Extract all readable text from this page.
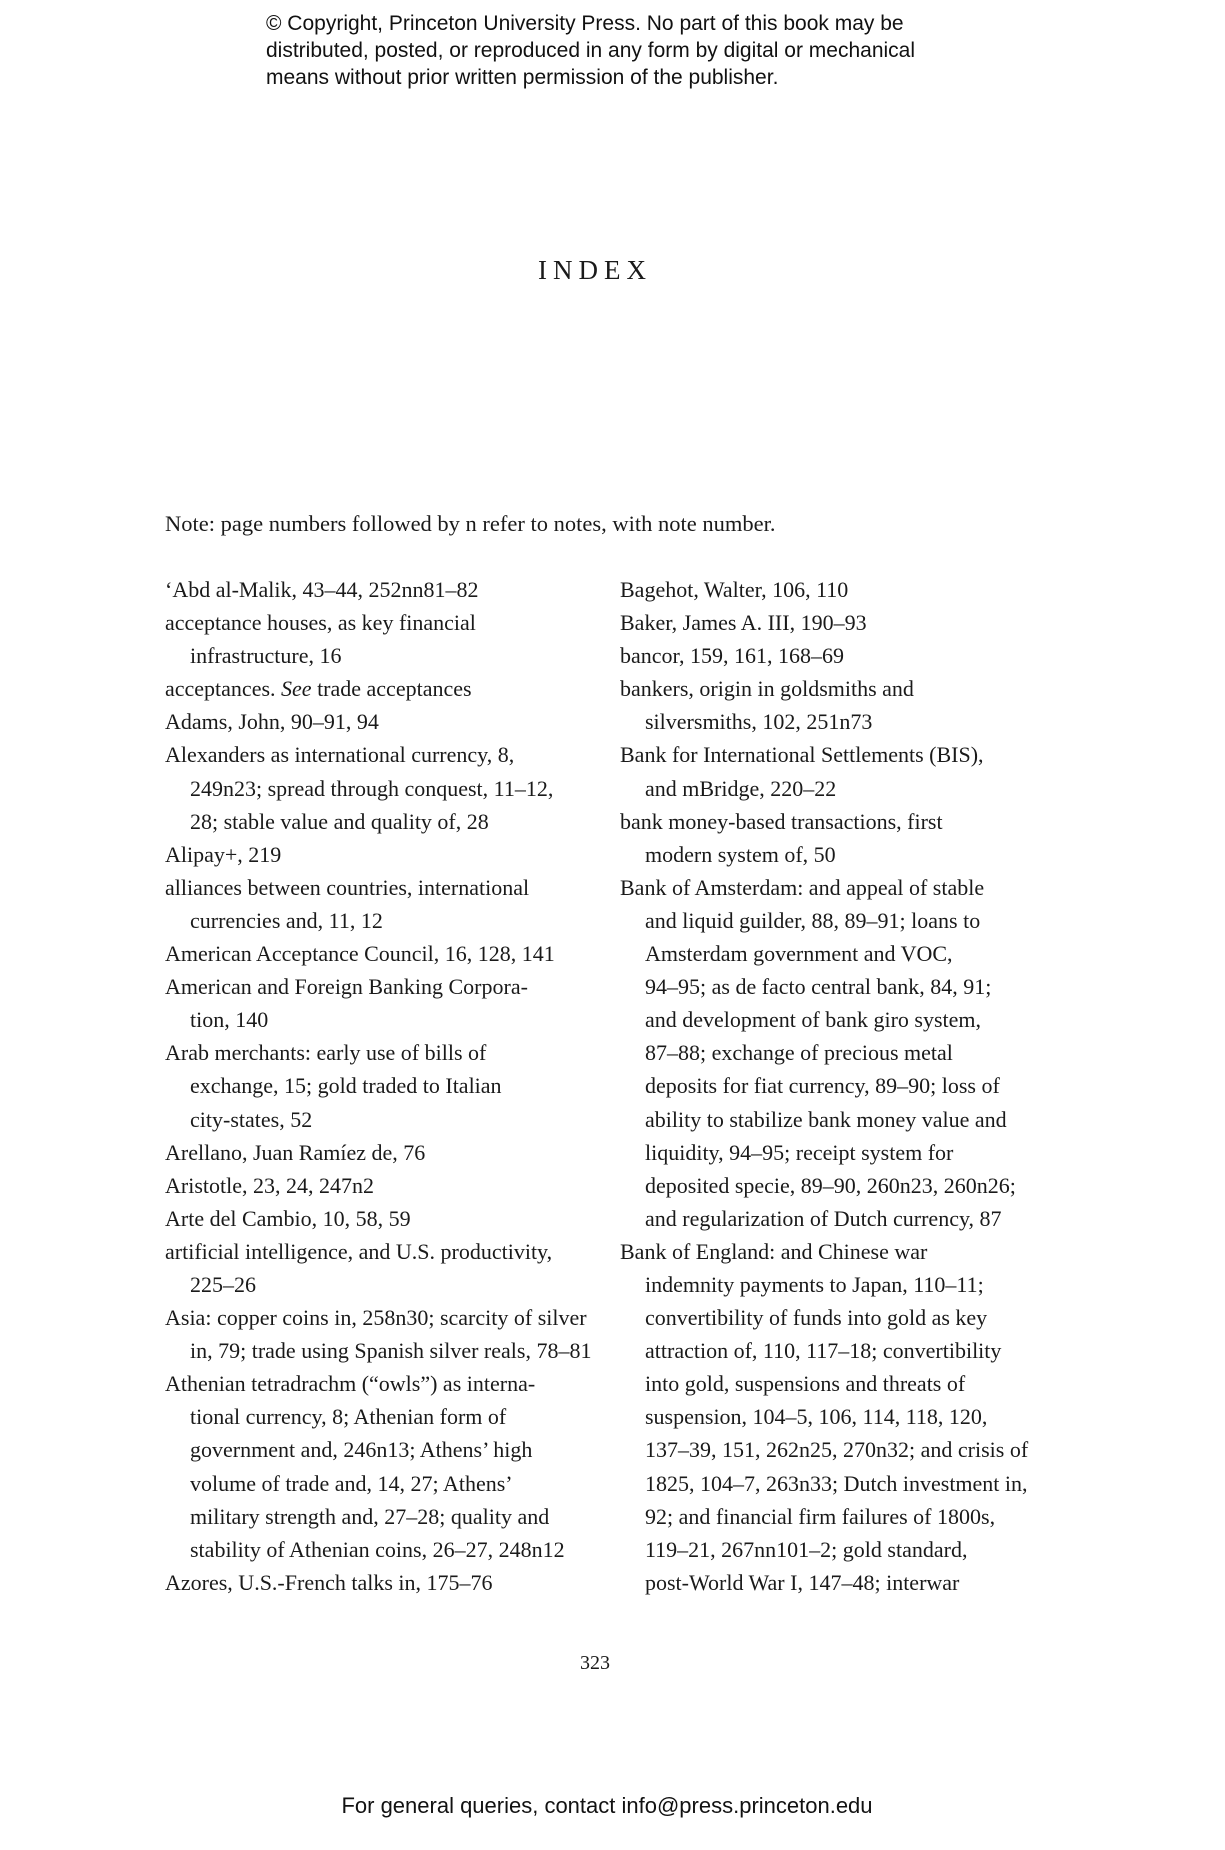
© Copyright, Princeton University Press. No part of this book may be
distributed, posted, or reproduced in any form by digital or mechanical
means without prior written permission of the publisher.
INDEX
Note: page numbers followed by n refer to notes, with note number.
‘Abd al-Malik, 43–44, 252nn81–82
acceptance houses, as key financial
infrastructure, 16
acceptances. See trade acceptances
Adams, John, 90–91, 94
Alexanders as international currency, 8,
249n23; spread through conquest, 11–12,
28; stable value and quality of, 28
Alipay+, 219
alliances between countries, international
currencies and, 11, 12
American Acceptance Council, 16, 128, 141
American and Foreign Banking Corpora-
tion, 140
Arab merchants: early use of bills of
exchange, 15; gold traded to Italian
city-states, 52
Arellano, Juan Ramíez de, 76
Aristotle, 23, 24, 247n2
Arte del Cambio, 10, 58, 59
artificial intelligence, and U.S. productivity,
225–26
Asia: copper coins in, 258n30; scarcity of silver
in, 79; trade using Spanish silver reals, 78–81
Athenian tetradrachm (“owls”) as interna-
tional currency, 8; Athenian form of
government and, 246n13; Athens’ high
volume of trade and, 14, 27; Athens’
military strength and, 27–28; quality and
stability of Athenian coins, 26–27, 248n12
Azores, U.S.-French talks in, 175–76
Bagehot, Walter, 106, 110
Baker, James A. III, 190–93
bancor, 159, 161, 168–69
bankers, origin in goldsmiths and
silversmiths, 102, 251n73
Bank for International Settlements (BIS),
and mBridge, 220–22
bank money-based transactions, first
modern system of, 50
Bank of Amsterdam: and appeal of stable
and liquid guilder, 88, 89–91; loans to
Amsterdam government and VOC,
94–95; as de facto central bank, 84, 91;
and development of bank giro system,
87–88; exchange of precious metal
deposits for fiat currency, 89–90; loss of
ability to stabilize bank money value and
liquidity, 94–95; receipt system for
deposited specie, 89–90, 260n23, 260n26;
and regularization of Dutch currency, 87
Bank of England: and Chinese war
indemnity payments to Japan, 110–11;
convertibility of funds into gold as key
attraction of, 110, 117–18; convertibility
into gold, suspensions and threats of
suspension, 104–5, 106, 114, 118, 120,
137–39, 151, 262n25, 270n32; and crisis of
1825, 104–7, 263n33; Dutch investment in,
92; and financial firm failures of 1800s,
119–21, 267nn101–2; gold standard,
post-World War I, 147–48; interwar
323
For general queries, contact info@press.princeton.edu
